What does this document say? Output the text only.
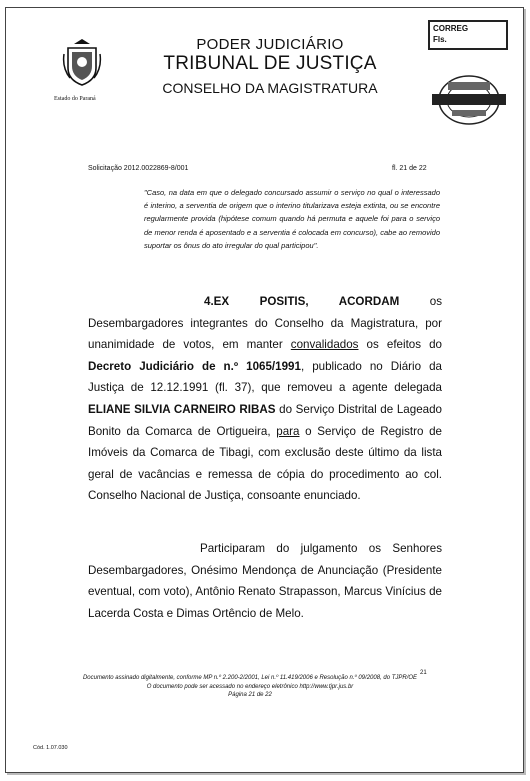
Estado do Paraná
PODER JUDICIÁRIO
TRIBUNAL DE JUSTIÇA
CONSELHO DA MAGISTRATURA
CORREG
Fls.
Solicitação 2012.0022869-8/001	fl. 21 de 22
"Caso, na data em que o delegado concursado assumir o serviço no qual o interessado é interino, a serventia de origem que o interino titularizava esteja extinta, ou se encontre regularmente provida (hipótese comum quando há permuta e aquele foi para o serviço de menor renda é aposentado e a serventia é colocada em concurso), cabe ao removido suportar os ônus do ato irregular do qual participou".
4.EX POSITIS, ACORDAM os Desembargadores integrantes do Conselho da Magistratura, por unanimidade de votos, em manter convalidados os efeitos do Decreto Judiciário de n.º 1065/1991, publicado no Diário da Justiça de 12.12.1991 (fl. 37), que removeu a agente delegada ELIANE SILVIA CARNEIRO RIBAS do Serviço Distrital de Lageado Bonito da Comarca de Ortigueira, para o Serviço de Registro de Imóveis da Comarca de Tibagi, com exclusão deste último da lista geral de vacâncias e remessa de cópia do procedimento ao col. Conselho Nacional de Justiça, consoante enunciado.
Participaram do julgamento os Senhores Desembargadores, Onésimo Mendonça de Anunciação (Presidente eventual, com voto), Antônio Renato Strapasson, Marcus Vinícius de Lacerda Costa e Dimas Ortêncio de Melo.
21
Documento assinado digitalmente, conforme MP n.º 2.200-2/2001, Lei n.º 11.419/2006 e Resolução n.º 09/2008, do TJPR/OE
O documento pode ser acessado no endereço eletrônico http://www.tjpr.jus.br
Página 21 de 22
Cód. 1.07.030
